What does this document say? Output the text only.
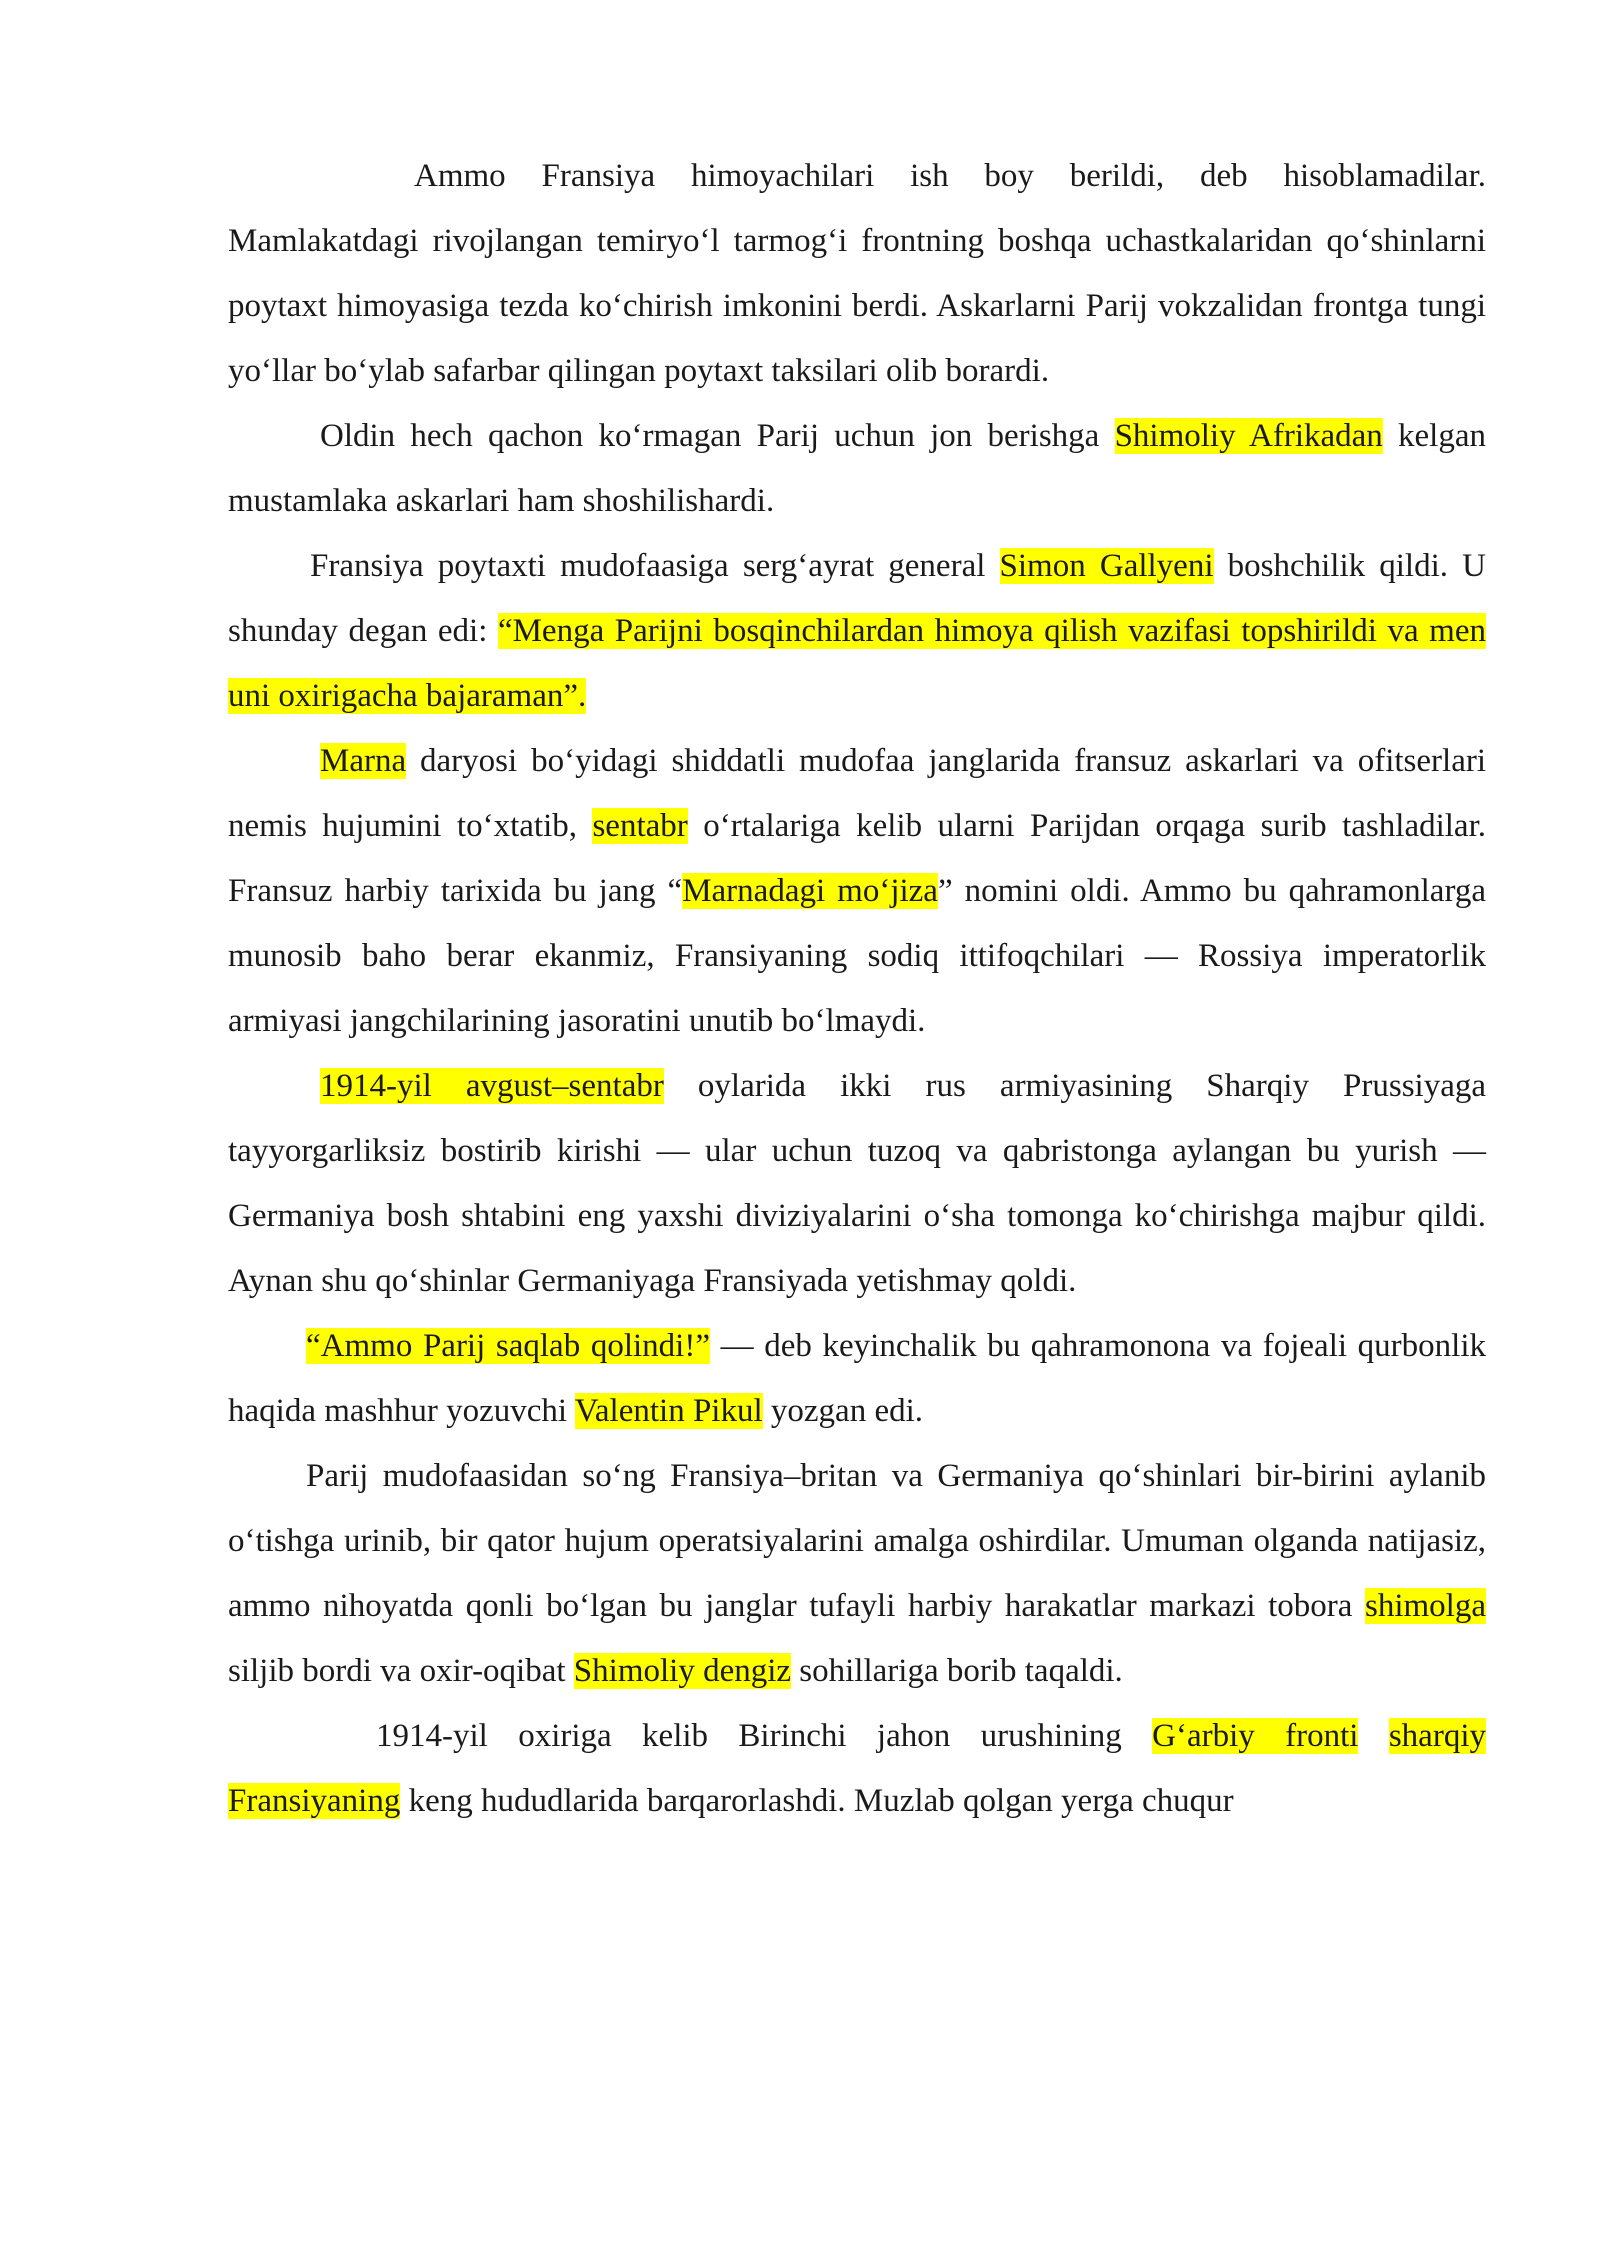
Ammo Fransiya himoyachilari ish boy berildi, deb hisoblamadilar. Mamlakatdagi rivojlangan temiryo‘l tarmog‘i frontning boshqa uchastkalaridan qo‘shinlarni poytaxt himoyasiga tezda ko‘chirish imkonini berdi. Askarlarni Parij vokzalidan frontga tungi yo‘llar bo‘ylab safarbar qilingan poytaxt taksilari olib borardi.

Oldin hech qachon ko‘rmagan Parij uchun jon berishga Shimoliy Afrikadan kelgan mustamlaka askarlari ham shoshilishardi.

Fransiya poytaxti mudofaasiga serg‘ayrat general Simon Gallyeni boshchilik qildi. U shunday degan edi: “Menga Parijni bosqinchilardan himoya qilish vazifasi topshirildi va men uni oxirigacha bajaraman”.

Marna daryosi bo‘yidagi shiddatli mudofaa janglarida fransuz askarlari va ofitserlari nemis hujumini to‘xtatib, sentabr o‘rtalariga kelib ularni Parijdan orqaga surib tashladilar. Fransuz harbiy tarixida bu jang “Marnadagi mo‘jiza” nomini oldi. Ammo bu qahramonlarga munosib baho berar ekanmiz, Fransiyaning sodiq ittifoqchilari — Rossiya imperatorlik armiyasi jangchilarining jasoratini unutib bo‘lmaydi.

1914-yil avgust–sentabr oylarida ikki rus armiyasining Sharqiy Prussiyaga tayyorgarliksiz bostirib kirishi — ular uchun tuzoq va qabristonga aylangan bu yurish — Germaniya bosh shtabini eng yaxshi diviziyalarini o‘sha tomonga ko‘chirishga majbur qildi. Aynan shu qo‘shinlar Germaniyaga Fransiyada yetishmay qoldi.

“Ammo Parij saqlab qolindi!” — deb keyinchalik bu qahramonona va fojeali qurbonlik haqida mashhur yozuvchi Valentin Pikul yozgan edi.

Parij mudofaasidan so‘ng Fransiya–britan va Germaniya qo‘shinlari bir-birini aylanib o‘tishga urinib, bir qator hujum operatsiyalarini amalga oshirdilar. Umuman olganda natijasiz, ammo nihoyatda qonli bo‘lgan bu janglar tufayli harbiy harakatlar markazi tobora shimolga siljib bordi va oxir-oqibat Shimoliy dengiz sohillariga borib taqaldi.

1914-yil oxiriga kelib Birinchi jahon urushining G‘arbiy fronti sharqiy Fransiyaning keng hududlarida barqarorlashdi. Muzlab qolgan yerga chuqur
